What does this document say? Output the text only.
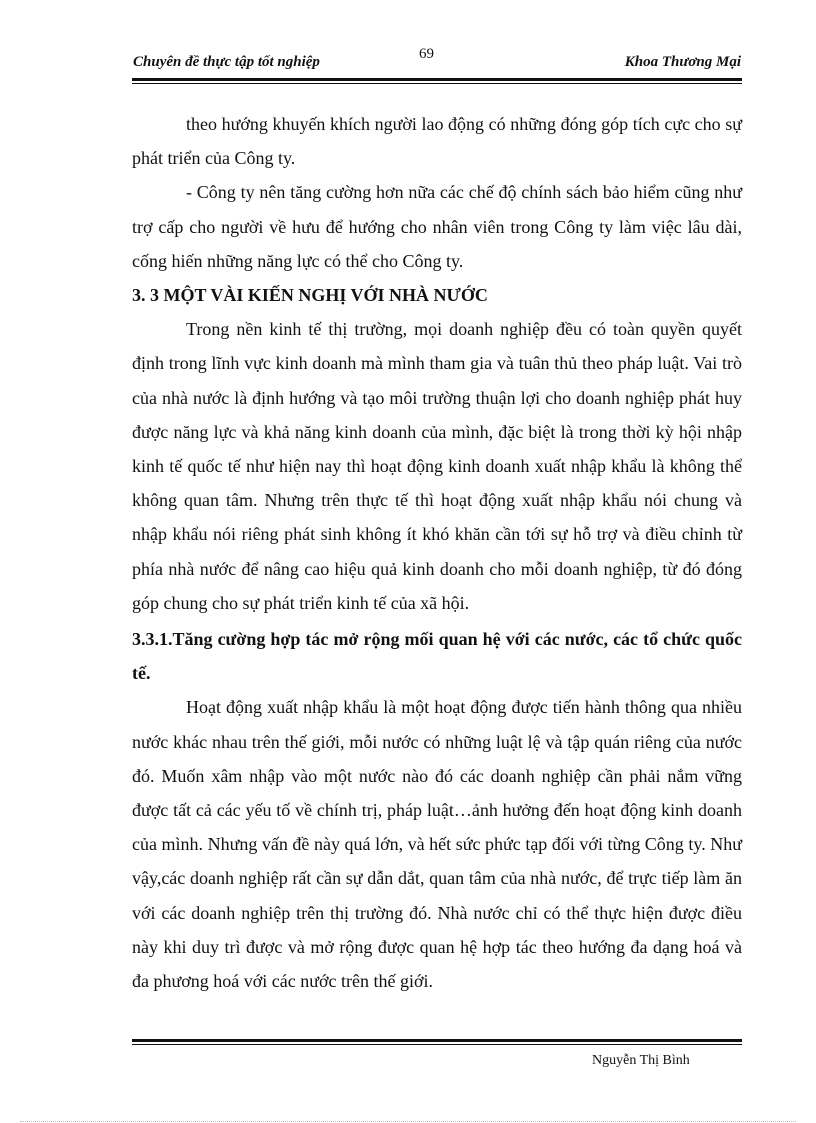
Chuyên đề thực tập tốt nghiệp	69	Khoa Thương Mại

theo hướng khuyến khích người lao động có những đóng góp tích cực cho sự phát triển của Công ty.

- Công ty nên tăng cường hơn nữa các chế độ chính sách bảo hiểm cũng như trợ cấp cho người về hưu để hướng cho nhân viên trong Công ty làm việc lâu dài, cống hiến những năng lực có thể cho Công ty.

3. 3 MỘT VÀI KIẾN NGHỊ VỚI NHÀ NƯỚC

Trong nền kinh tế thị trường, mọi doanh nghiệp đều có toàn quyền quyết định trong lĩnh vực kinh doanh mà mình tham gia và tuân thủ theo pháp luật. Vai trò của nhà nước là định hướng và tạo môi trường thuận lợi cho doanh nghiệp phát huy được năng lực và khả năng kinh doanh của mình, đặc biệt là trong thời kỳ hội nhập kinh tế quốc tế như hiện nay thì hoạt động kinh doanh xuất nhập khẩu là không thể không quan tâm. Nhưng trên thực tế thì hoạt động xuất nhập khẩu nói chung và nhập khẩu nói riêng phát sinh không ít khó khăn cần tới sự hỗ trợ và điều chỉnh từ phía nhà nước để nâng cao hiệu quả kinh doanh cho mỗi doanh nghiệp, từ đó đóng góp chung cho sự phát triển kinh tế của xã hội.

3.3.1.Tăng cường hợp tác mở rộng mối quan hệ với các nước, các tổ chức quốc tế.

Hoạt động xuất nhập khẩu là một hoạt động được tiến hành thông qua nhiều nước khác nhau trên thế giới, mỗi nước có những luật lệ và tập quán riêng của nước đó. Muốn xâm nhập vào một nước nào đó các doanh nghiệp cần phải nắm vững được tất cả các yếu tố về chính trị, pháp luật…ảnh hưởng đến hoạt động kinh doanh của mình. Nhưng vấn đề này quá lớn, và hết sức phức tạp đối với từng Công ty. Như vậy,các doanh nghiệp rất cần sự dẫn dắt, quan tâm của nhà nước, để trực tiếp làm ăn với các doanh nghiệp trên thị trường đó. Nhà nước chỉ có thể thực hiện được điều này khi duy trì được và mở rộng được quan hệ hợp tác theo hướng đa dạng hoá và đa phương hoá với các nước trên thế giới.

Nguyễn Thị Bình
